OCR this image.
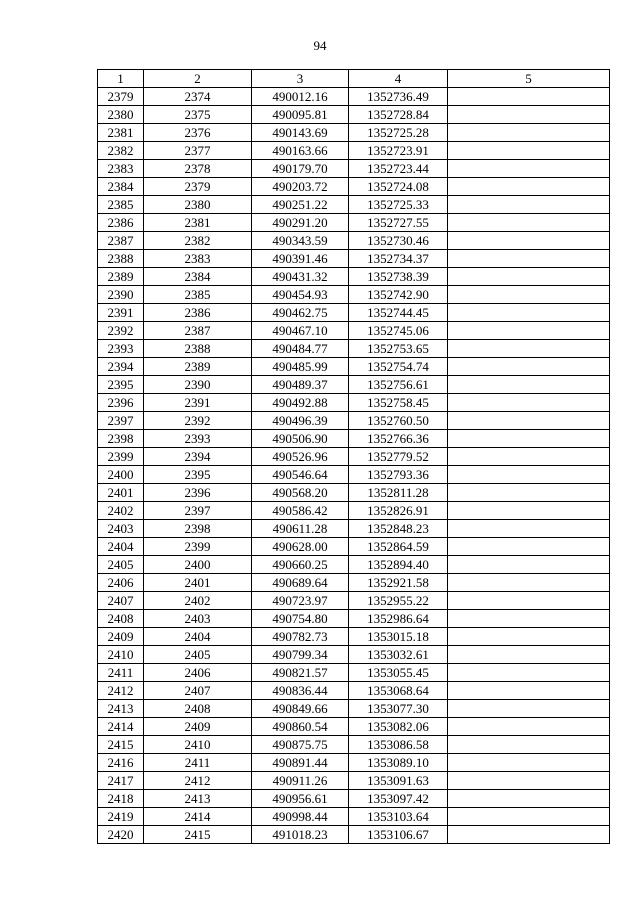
94
1	2	3	4	5
2379	2374	490012.16	1352736.49	
2380	2375	490095.81	1352728.84	
2381	2376	490143.69	1352725.28	
2382	2377	490163.66	1352723.91	
2383	2378	490179.70	1352723.44	
2384	2379	490203.72	1352724.08	
2385	2380	490251.22	1352725.33	
2386	2381	490291.20	1352727.55	
2387	2382	490343.59	1352730.46	
2388	2383	490391.46	1352734.37	
2389	2384	490431.32	1352738.39	
2390	2385	490454.93	1352742.90	
2391	2386	490462.75	1352744.45	
2392	2387	490467.10	1352745.06	
2393	2388	490484.77	1352753.65	
2394	2389	490485.99	1352754.74	
2395	2390	490489.37	1352756.61	
2396	2391	490492.88	1352758.45	
2397	2392	490496.39	1352760.50	
2398	2393	490506.90	1352766.36	
2399	2394	490526.96	1352779.52	
2400	2395	490546.64	1352793.36	
2401	2396	490568.20	1352811.28	
2402	2397	490586.42	1352826.91	
2403	2398	490611.28	1352848.23	
2404	2399	490628.00	1352864.59	
2405	2400	490660.25	1352894.40	
2406	2401	490689.64	1352921.58	
2407	2402	490723.97	1352955.22	
2408	2403	490754.80	1352986.64	
2409	2404	490782.73	1353015.18	
2410	2405	490799.34	1353032.61	
2411	2406	490821.57	1353055.45	
2412	2407	490836.44	1353068.64	
2413	2408	490849.66	1353077.30	
2414	2409	490860.54	1353082.06	
2415	2410	490875.75	1353086.58	
2416	2411	490891.44	1353089.10	
2417	2412	490911.26	1353091.63	
2418	2413	490956.61	1353097.42	
2419	2414	490998.44	1353103.64	
2420	2415	491018.23	1353106.67	
